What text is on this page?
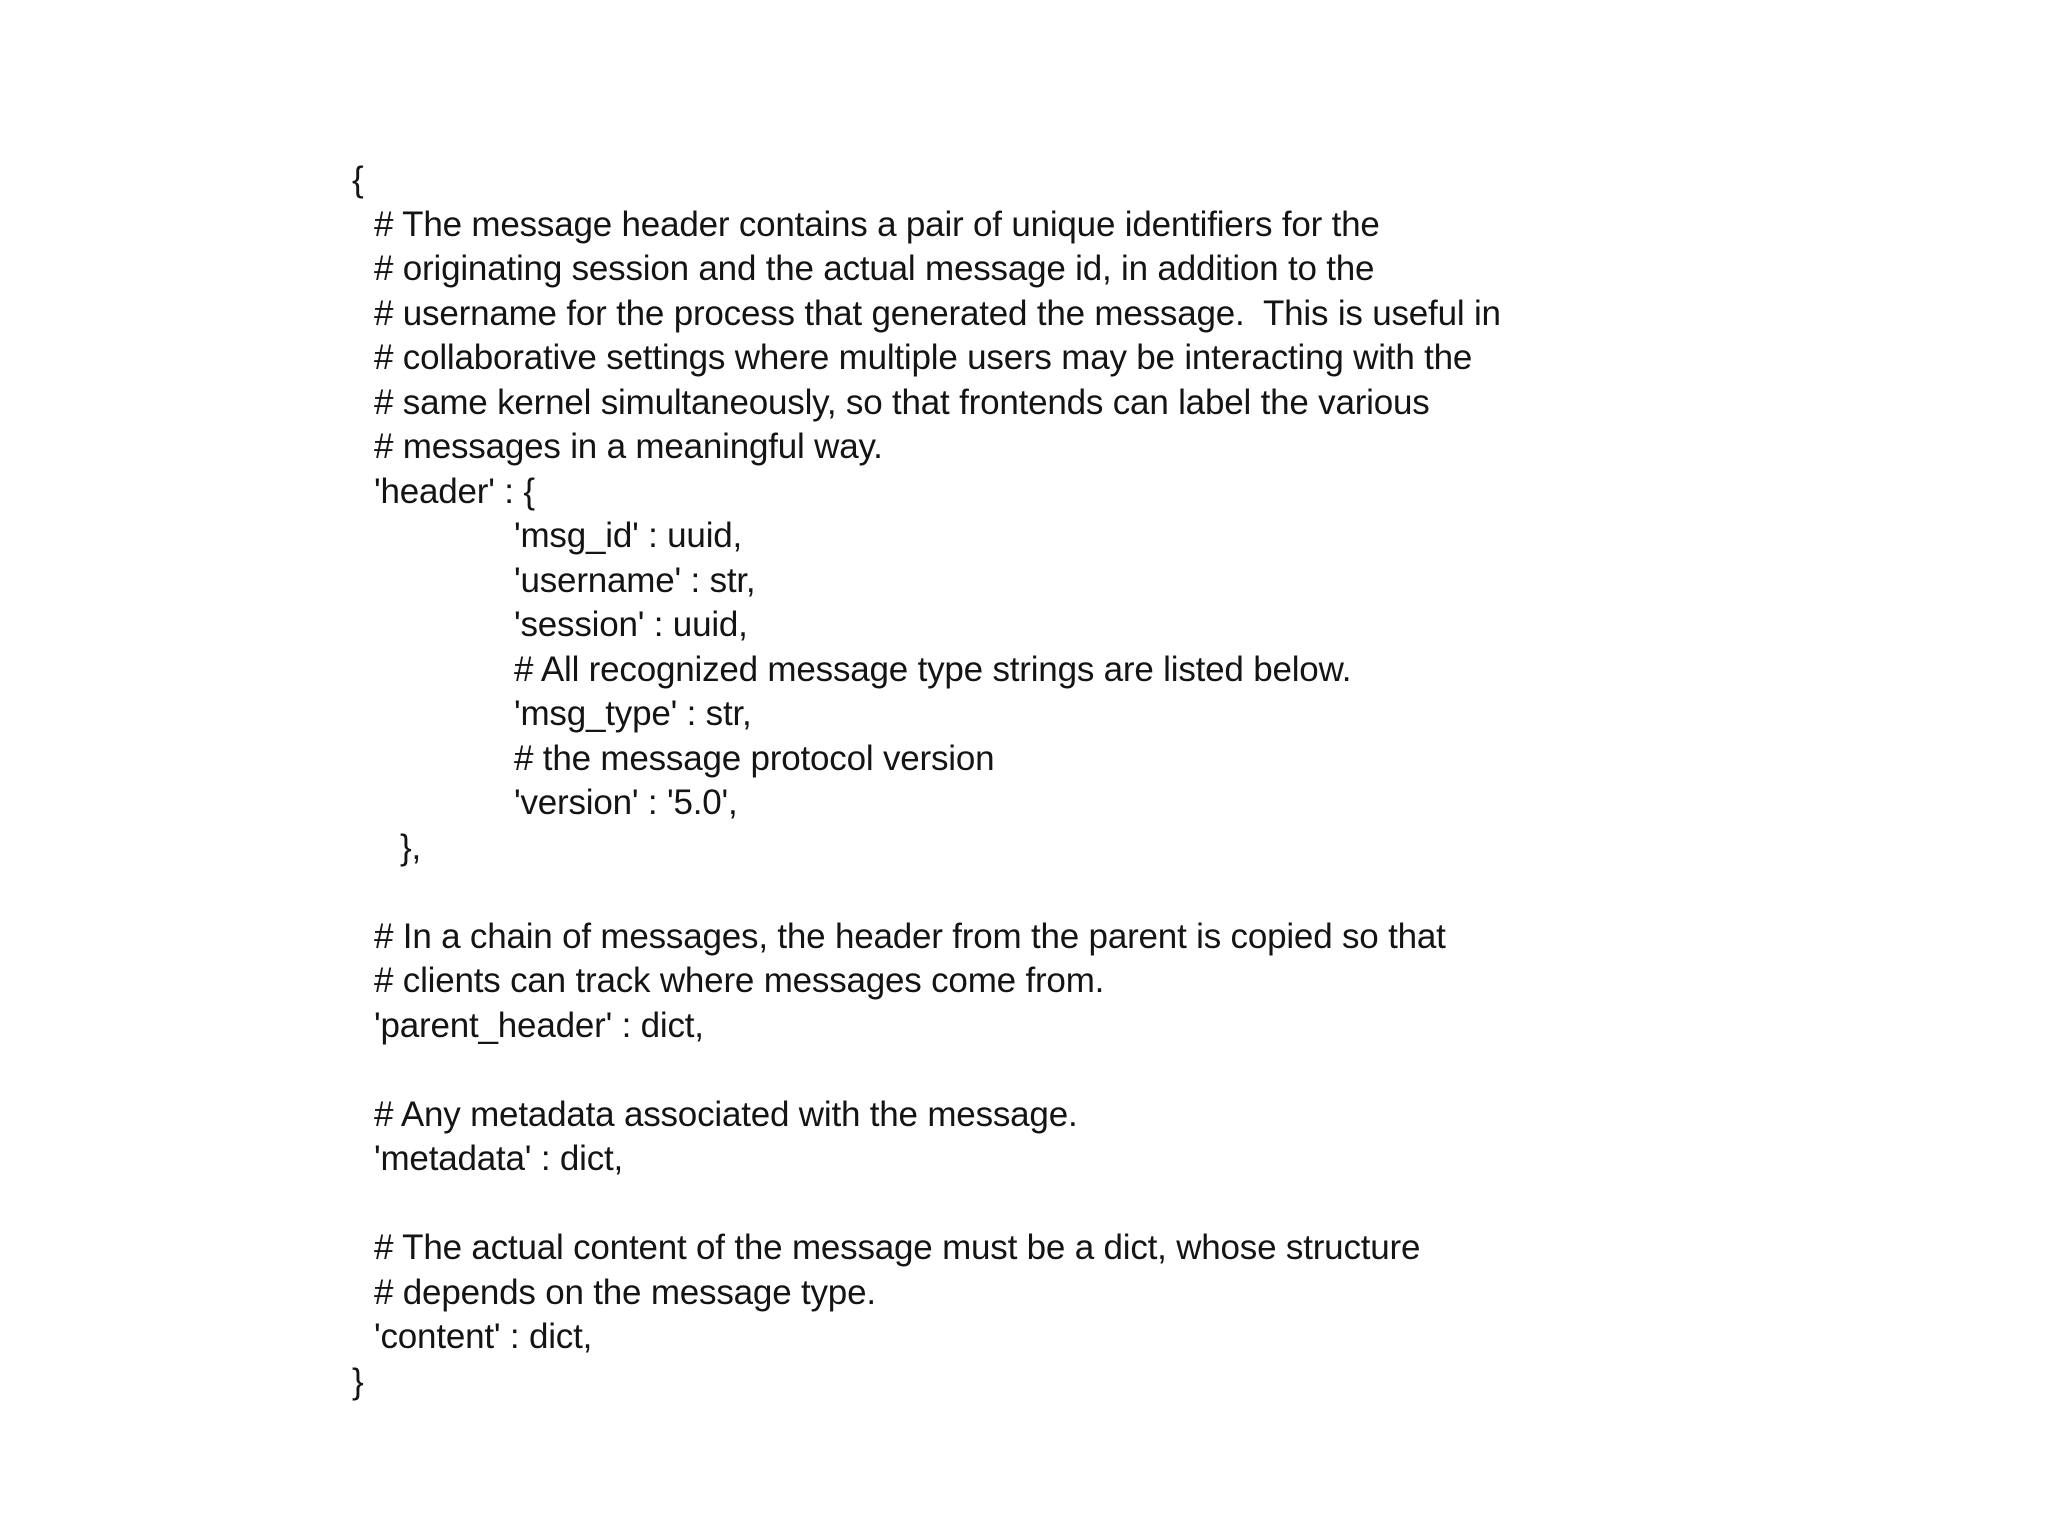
{
# The message header contains a pair of unique identifiers for the
# originating session and the actual message id, in addition to the
# username for the process that generated the message.  This is useful in
# collaborative settings where multiple users may be interacting with the
# same kernel simultaneously, so that frontends can label the various
# messages in a meaningful way.
'header' : {
'msg_id' : uuid,
'username' : str,
'session' : uuid,
# All recognized message type strings are listed below.
'msg_type' : str,
# the message protocol version
'version' : '5.0',
},
# In a chain of messages, the header from the parent is copied so that
# clients can track where messages come from.
'parent_header' : dict,
# Any metadata associated with the message.
'metadata' : dict,
# The actual content of the message must be a dict, whose structure
# depends on the message type.
'content' : dict,
}
